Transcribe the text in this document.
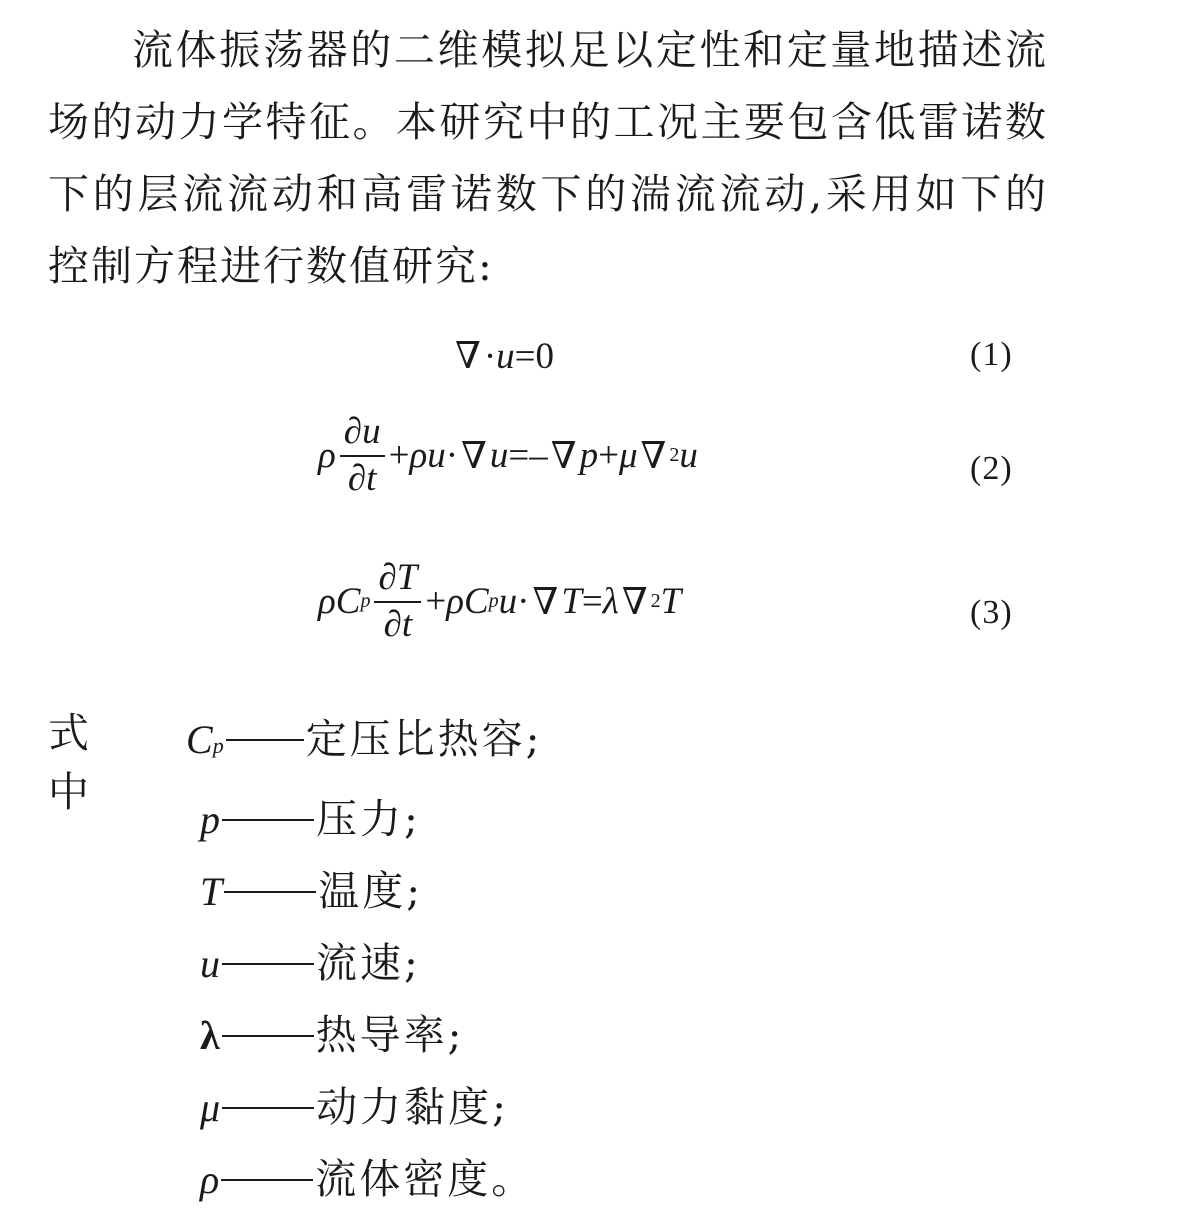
流体振荡器的二维模拟足以定性和定量地描述流场的动力学特征。本研究中的工况主要包含低雷诺数下的层流流动和高雷诺数下的湍流流动,采用如下的控制方程进行数值研究:
∇ · u =0	(1)
ρ $\frac{\partial u}{\partial t} + \rho u$ · ∇ u =– ∇ p + μ ∇ 2 u	(2)
ρC p $\frac{\partial T}{\partial t} + \rho C$ p u · ∇ T = λ ∇ 2 T	(3)
式中
C p 定压比热容;
p 压力;
T 温度;
u 流速;
λ 热导率;
μ 动力黏度;
ρ 流体密度。
